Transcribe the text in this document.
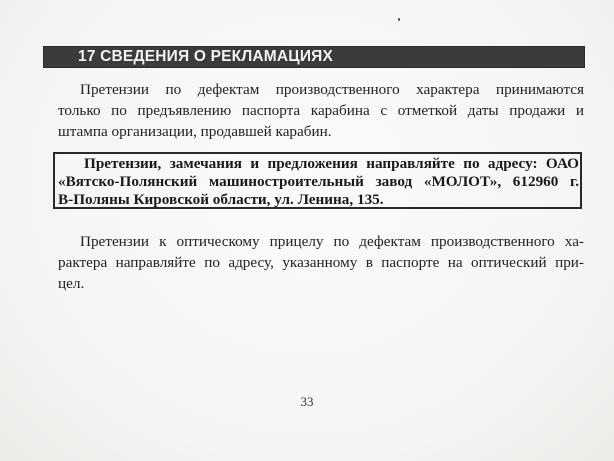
17 СВЕДЕНИЯ О РЕКЛАМАЦИЯХ
Претензии по дефектам производственного характера принимаются
только по предъявлению паспорта карабина с отметкой даты продажи и
штампа организации, продавшей карабин.
Претензии, замечания и предложения направляйте по адресу: ОАО
«Вятско-Полянский машиностроительный завод «МОЛОТ», 612960 г.
В-Поляны Кировской области, ул. Ленина, 135.
Претензии к оптическому прицелу по дефектам производственного ха-
рактера направляйте по адресу, указанному в паспорте на оптический при-
цел.
33
